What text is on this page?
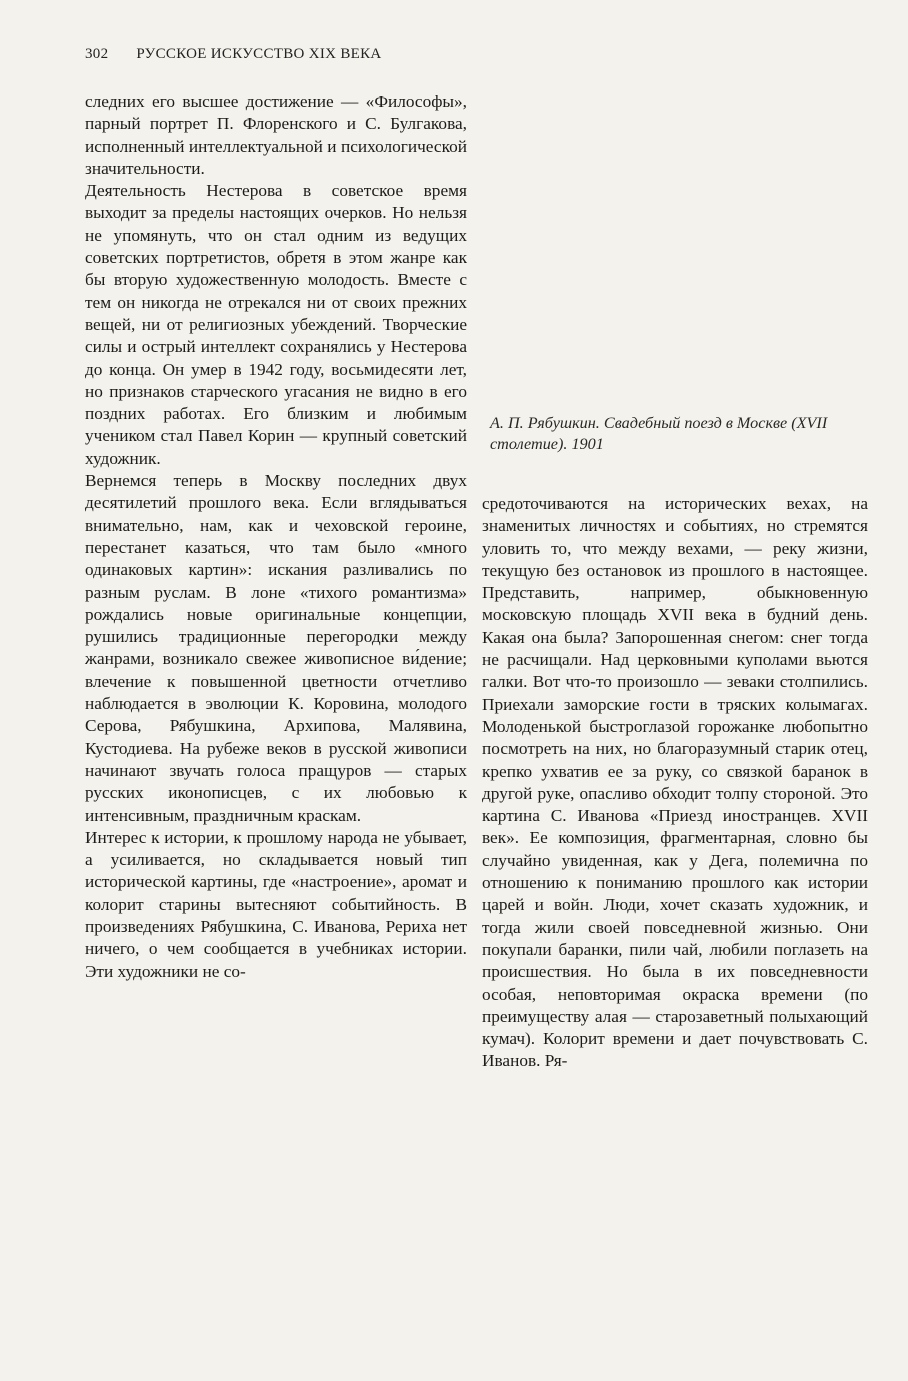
302 РУССКОЕ ИСКУССТВО XIX ВЕКА

следних его высшее достижение — «Философы», парный портрет П. Флоренского и С. Булгакова, исполненный интеллектуальной и психологической значительности.

Деятельность Нестерова в советское время выходит за пределы настоящих очерков. Но нельзя не упомянуть, что он стал одним из ведущих советских портретистов, обретя в этом жанре как бы вторую художественную молодость. Вместе с тем он никогда не отрекался ни от своих прежних вещей, ни от религиозных убеждений. Творческие силы и острый интеллект сохранялись у Нестерова до конца. Он умер в 1942 году, восьмидесяти лет, но признаков старческого угасания не видно в его поздних работах. Его близким и любимым учеником стал Павел Корин — крупный советский художник.

Вернемся теперь в Москву последних двух десятилетий прошлого века. Если вглядываться внимательно, нам, как и чеховской героине, перестанет казаться, что там было «много одинаковых картин»: искания разливались по разным руслам. В лоне «тихого романтизма» рождались новые оригинальные концепции, рушились традиционные перегородки между жанрами, возникало свежее живописное ви́дение; влечение к повышенной цветности отчетливо наблюдается в эволюции К. Коровина, молодого Серова, Рябушкина, Архипова, Малявина, Кустодиева. На рубеже веков в русской живописи начинают звучать голоса пращуров — старых русских иконописцев, с их любовью к интенсивным, праздничным краскам.

Интерес к истории, к прошлому народа не убывает, а усиливается, но складывается новый тип исторической картины, где «настроение», аромат и колорит старины вытесняют событийность. В произведениях Рябушкина, С. Иванова, Рериха нет ничего, о чем сообщается в учебниках истории. Эти художники не со-

А. П. Рябушкин. Свадебный поезд в Москве (XVII столетие). 1901

средоточиваются на исторических вехах, на знаменитых личностях и событиях, но стремятся уловить то, что между вехами, — реку жизни, текущую без остановок из прошлого в настоящее. Представить, например, обыкновенную московскую площадь XVII века в будний день. Какая она была? Запорошенная снегом: снег тогда не расчищали. Над церковными куполами вьются галки. Вот что-то произошло — зеваки столпились. Приехали заморские гости в тряских колымагах. Молоденькой быстроглазой горожанке любопытно посмотреть на них, но благоразумный старик отец, крепко ухватив ее за руку, со связкой баранок в другой руке, опасливо обходит толпу стороной. Это картина С. Иванова «Приезд иностранцев. XVII век». Ее композиция, фрагментарная, словно бы случайно увиденная, как у Дега, полемична по отношению к пониманию прошлого как истории царей и войн. Люди, хочет сказать художник, и тогда жили своей повседневной жизнью. Они покупали баранки, пили чай, любили поглазеть на происшествия. Но была в их повседневности особая, неповторимая окраска времени (по преимуществу алая — старозаветный полыхающий кумач). Колорит времени и дает почувствовать С. Иванов. Ря-
